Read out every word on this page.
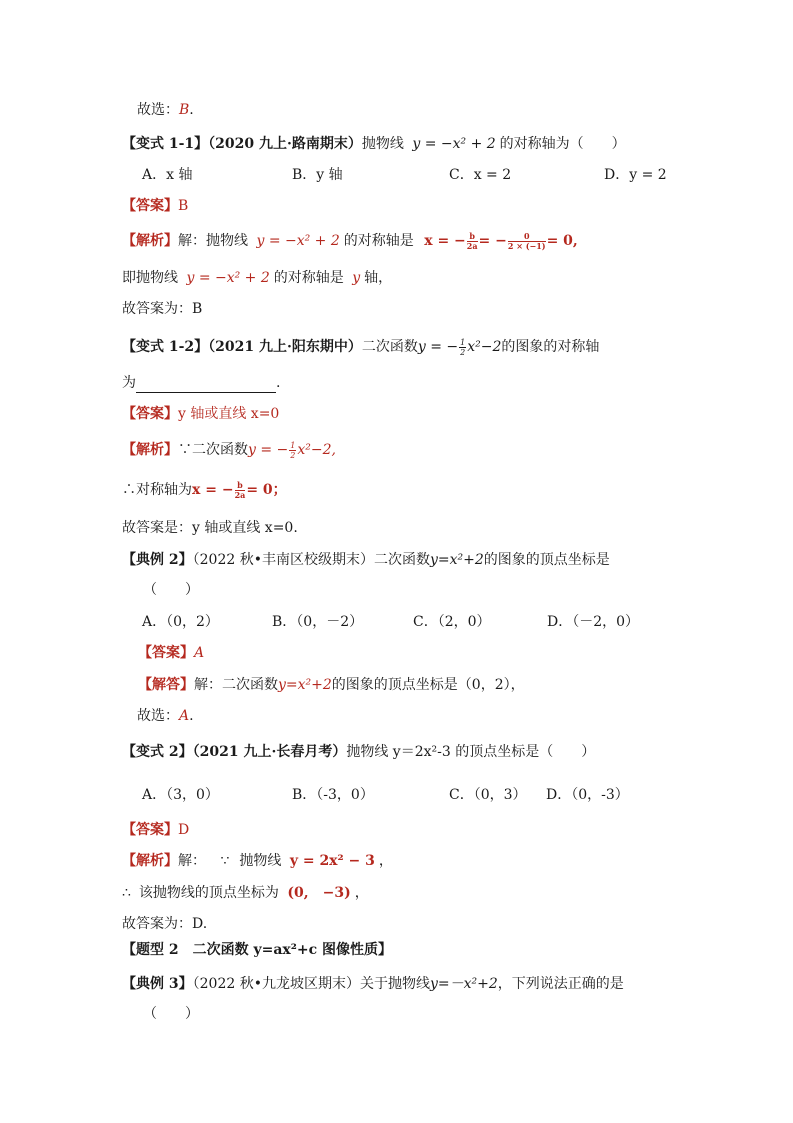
故选：B.
【变式 1-1】（2020 九上·路南期末）抛物线 y = −x² + 2 的对称轴为（　　）
A．x 轴	B．y 轴	C．x = 2	D．y = 2
【答案】B
【解析】解：抛物线 y = −x² + 2 的对称轴是 x = − $\frac{b}{2a}$ = − $\frac{0}{2 \times (-1)} = 0$,
即抛物线 y = −x² + 2 的对称轴是 y 轴，
故答案为：B
【变式 1-2】（2021 九上·阳东期中）二次函数y = − $\frac{1}{2} x^2-2$的图象的对称轴
为	.
【答案】y 轴或直线 x=0
【解析】∵二次函数y = − $\frac{1}{2} x^2-2$,
∴对称轴为x = − $\frac{b}{2a} = 0$；
故答案是：y 轴或直线 x=0.
【典例 2】（2022 秋•丰南区校级期末）二次函数y=x²+2的图象的顶点坐标是
（　　）
A．（0，2）	B．（0，－2）	C．（2，0）	D．（－2，0）
【答案】A
【解答】解：二次函数y=x²+2的图象的顶点坐标是（0，2），
故选：A.
【变式 2】（2021 九上·长春月考）抛物线 y＝2x²-3 的顶点坐标是（　　）
A．（3，0）	B．（-3，0）	C．（0，3） D．（0，-3）
【答案】D
【解析】解： ∵ 抛物线 y = 2x² − 3 ，
∴ 该抛物线的顶点坐标为 (0,　−3) ，
故答案为：D.
【题型 2　二次函数 y=ax²+c 图像性质】
【典例 3】（2022 秋•九龙坡区期末）关于抛物线y=－x²+2，下列说法正确的是
（　　）
